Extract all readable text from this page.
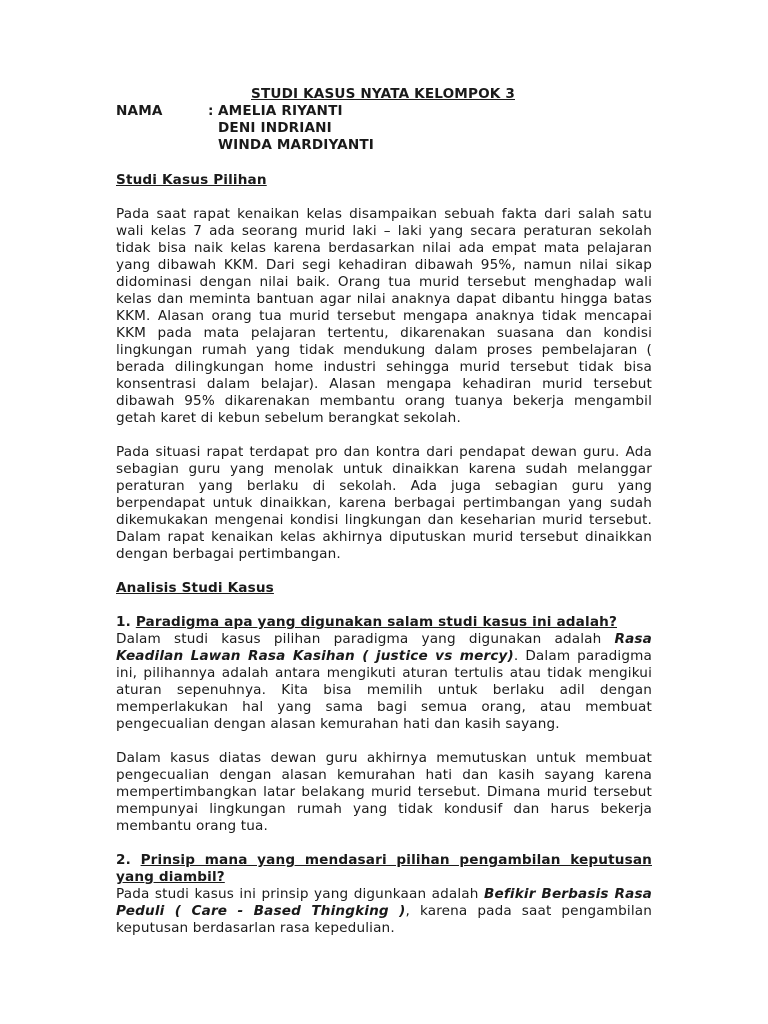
STUDI KASUS NYATA KELOMPOK 3
NAMA	: AMELIA RIYANTI
DENI INDRIANI
WINDA MARDIYANTI
Studi Kasus Pilihan

Pada saat rapat kenaikan kelas disampaikan sebuah fakta dari salah satu wali kelas 7 ada seorang murid laki – laki yang secara peraturan sekolah tidak bisa naik kelas karena berdasarkan nilai ada empat mata pelajaran yang dibawah KKM. Dari segi kehadiran dibawah 95%, namun nilai sikap didominasi dengan nilai baik. Orang tua murid tersebut menghadap wali kelas dan meminta bantuan agar nilai anaknya dapat dibantu hingga batas KKM. Alasan orang tua murid tersebut mengapa anaknya tidak mencapai KKM pada mata pelajaran tertentu, dikarenakan suasana dan kondisi lingkungan rumah yang tidak mendukung dalam proses pembelajaran ( berada dilingkungan home industri sehingga murid tersebut tidak bisa konsentrasi dalam belajar). Alasan mengapa kehadiran murid tersebut dibawah 95% dikarenakan membantu orang tuanya bekerja mengambil getah karet di kebun sebelum berangkat sekolah.

Pada situasi rapat terdapat pro dan kontra dari pendapat dewan guru. Ada sebagian guru yang menolak untuk dinaikkan karena sudah melanggar peraturan yang berlaku di sekolah. Ada juga sebagian guru yang berpendapat untuk dinaikkan, karena berbagai pertimbangan yang sudah dikemukakan mengenai kondisi lingkungan dan keseharian murid tersebut. Dalam rapat kenaikan kelas akhirnya diputuskan murid tersebut dinaikkan dengan berbagai pertimbangan.

Analisis Studi Kasus
1. Paradigma apa yang digunakan salam studi kasus ini adalah?

Dalam studi kasus pilihan paradigma yang digunakan adalah Rasa Keadilan Lawan Rasa Kasihan ( justice vs mercy). Dalam paradigma ini, pilihannya adalah antara mengikuti aturan tertulis atau tidak mengikui aturan sepenuhnya. Kita bisa memilih untuk berlaku adil dengan memperlakukan hal yang sama bagi semua orang, atau membuat pengecualian dengan alasan kemurahan hati dan kasih sayang.

Dalam kasus diatas dewan guru akhirnya memutuskan untuk membuat pengecualian dengan alasan kemurahan hati dan kasih sayang karena mempertimbangkan latar belakang murid tersebut. Dimana murid tersebut mempunyai lingkungan rumah yang tidak kondusif dan harus bekerja membantu orang tua.

2. Prinsip mana yang mendasari pilihan pengambilan keputusan yang diambil?

Pada studi kasus ini prinsip yang digunkaan adalah Befikir Berbasis Rasa Peduli ( Care - Based Thingking ), karena pada saat pengambilan keputusan berdasarlan rasa kepedulian.
